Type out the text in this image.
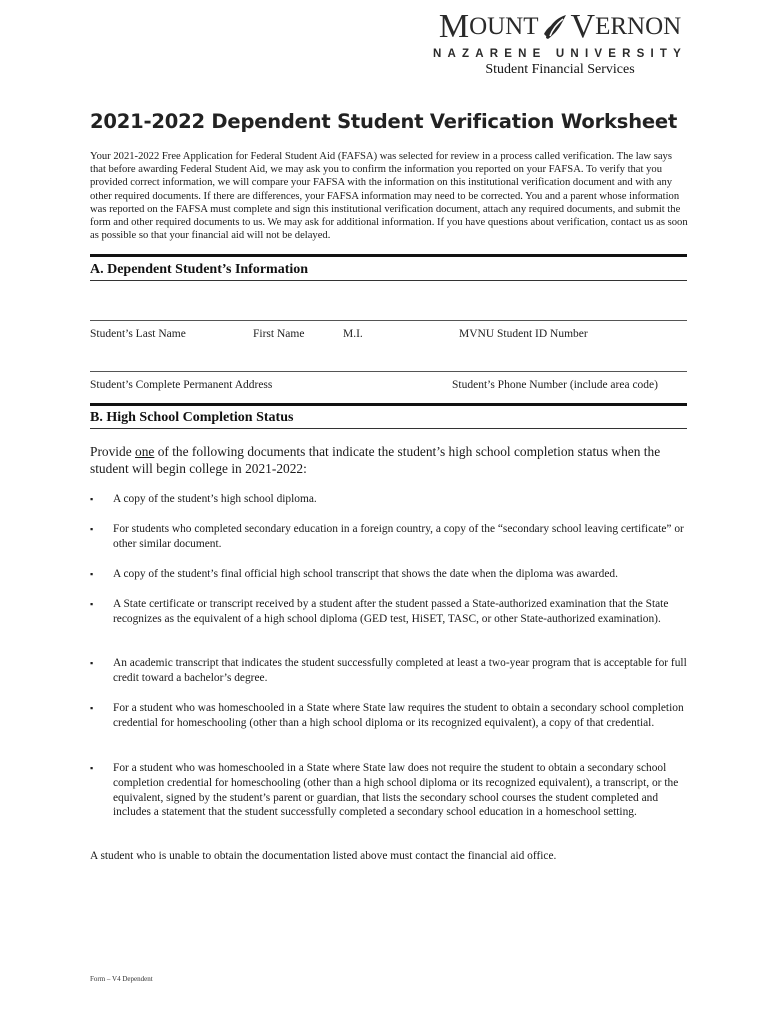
M OUNT V ERNON
NAZARENE UNIVERSITY
Student Financial Services
2021-2022 Dependent Student Verification Worksheet

Your 2021-2022 Free Application for Federal Student Aid (FAFSA) was selected for review in a process called verification. The law says that before awarding Federal Student Aid, we may ask you to confirm the information you reported on your FAFSA. To verify that you provided correct information, we will compare your FAFSA with the information on this institutional verification document and with any other required documents. If there are differences, your FAFSA information may need to be corrected. You and a parent whose information was reported on the FAFSA must complete and sign this institutional verification document, attach any required documents, and submit the form and other required documents to us. We may ask for additional information. If you have questions about verification, contact us as soon as possible so that your financial aid will not be delayed.

A. Dependent Student’s Information
Student’s Last Name	First Name	M.I.	MVNU Student ID Number
Student’s Complete Permanent Address	Student’s Phone Number (include area code)
B. High School Completion Status
Provide one of the following documents that indicate the student’s high school completion status when the student will begin college in 2021-2022:
▪ A copy of the student’s high school diploma.
▪ For students who completed secondary education in a foreign country, a copy of the “secondary school leaving certificate” or other similar document.
▪ A copy of the student’s final official high school transcript that shows the date when the diploma was awarded.
▪ A State certificate or transcript received by a student after the student passed a State-authorized examination that the State recognizes as the equivalent of a high school diploma (GED test, HiSET, TASC, or other State-authorized examination).
▪ An academic transcript that indicates the student successfully completed at least a two-year program that is acceptable for full credit toward a bachelor’s degree.
▪ For a student who was homeschooled in a State where State law requires the student to obtain a secondary school completion credential for homeschooling (other than a high school diploma or its recognized equivalent), a copy of that credential.
▪ For a student who was homeschooled in a State where State law does not require the student to obtain a secondary school completion credential for homeschooling (other than a high school diploma or its recognized equivalent), a transcript, or the equivalent, signed by the student’s parent or guardian, that lists the secondary school courses the student completed and includes a statement that the student successfully completed a secondary school education in a homeschool setting.
A student who is unable to obtain the documentation listed above must contact the financial aid office.
Form – V4 Dependent
